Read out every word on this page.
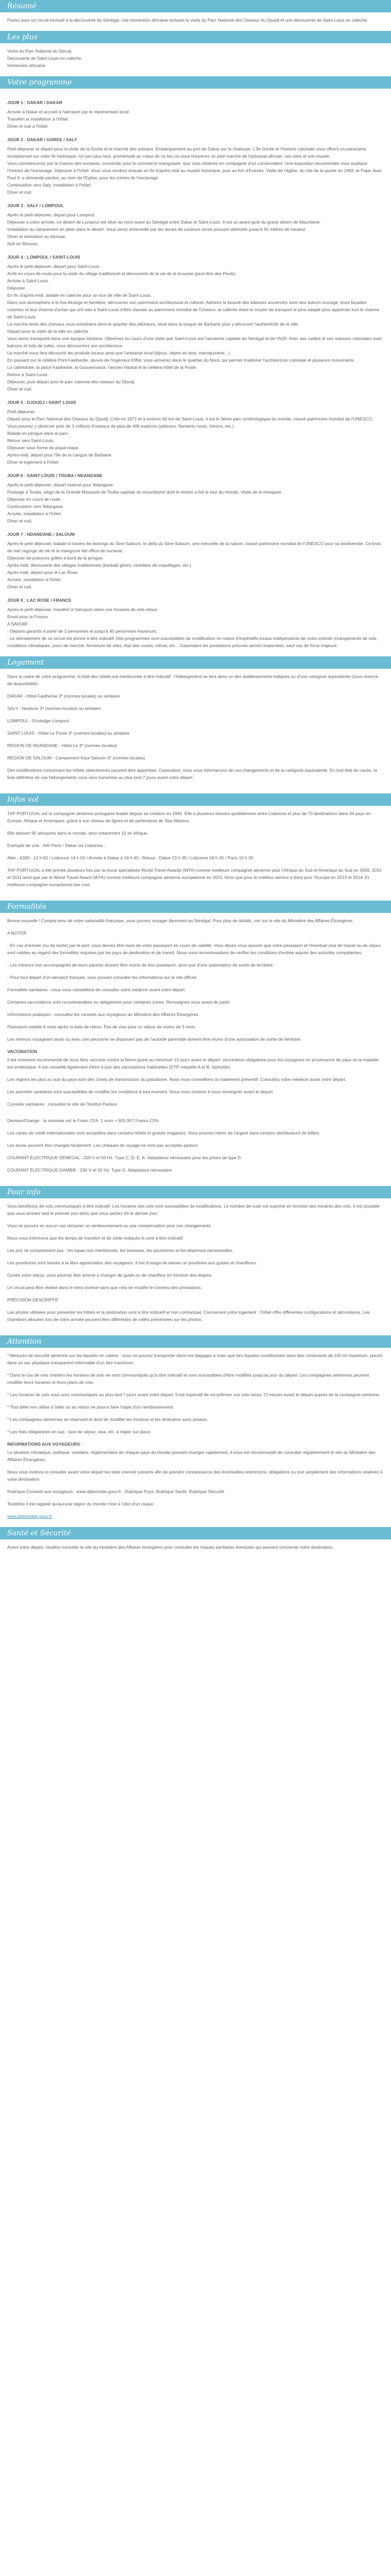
Résumé

Partez pour un circuit exclusif à la découverte du Sénégal, une immersion africaine incluant la visite du Parc National des Oiseaux du Djoudj et une découverte de Saint Louis en calèche.

Les plus
Visite du Parc National du Djoudj
Découverte de Saint-Louis en calèche
Immersion africaine
Votre programme
JOUR 1 : DAKAR / DAKAR
Arrivée à Dakar et accueil à l'aéroport par le représentant local.
Transfert et installation à l'hôtel.
Dîner et nuit à l'hôtel.
JOUR 2 : DAKAR / GOREE / SALY
Petit-déjeuner et départ pour la visite de la Gorée et le marché des artisans. Embarquement au port de Dakar sur la chaloupe. L'île Gorée et l'histoire coloniale vous offrent un panorama exceptionnel sur cette île historique. Un peu plus tard, promenade au coeur de ce lieu où vous trouverez un petit marché de l'artisanat africain, ses sites et son musée.
Vous commencerez par la maison des esclaves, construite pour le commerce triangulaire, que vous visiterez en compagnie d'un conservateur. Une exposition documentée vous explique l'histoire de l'esclavage. Déjeuner à l'hôtel. Vous vous rendrez ensuite en fin d'après-midi au musée historique, puis au fort d'Estrées. Visite de l'église, du site de la quinte en 1992, le Pape Jean Paul II, a demandé pardon, au nom de l'Eglise, pour les crimes de l'esclavage.
Continuation vers Saly. Installation à l'hôtel.
Dîner et nuit.
JOUR 3 : SALY / LOMPOUL
Après le petit-déjeuner, départ pour Lompoul.
Déjeuner à votre arrivée. Le désert de Lompoul est situé au nord ouest du Sénégal entre Dakar et Saint-Louis. Il est un avant-goût du grand désert de Mauritanie.
Installation au campement en plein dans le désert. Vous serez émerveillé par les dunes de couleurs ocres pouvant atteindre jusqu'à 50 mètres de hauteur.
Dîner et animation au bivouac.
Nuit en Bivouac.
JOUR 4 : LOMPOUL / SAINT-LOUIS
Après le petit-déjeuner, départ pour Saint-Louis.
Arrêt en cours de route pour la visite du village traditionnel et découverte de la vie de la brousse (peut-être des Peuls).
Arrivée à Saint-Louis.
Déjeuner.
En fin d'après-midi, balade en calèche pour un tour de ville de Saint-Louis.
Dans une atmosphère à la fois étrange et familière, découvrez son patrimoine architectural et culturel. Admirez la beauté des bâtisses anciennes avec leur balcon ouvragé, leurs façades colorées et leur charme d'antan qui ont valu à Saint-Louis d'être classée au patrimoine mondial de l'Unesco, la calèche étant le moyen de transport le plus adapté pour apprécier tout le charme de Saint-Louis.
La marche lente des chevaux vous entraînera dans le quartier des pêcheurs, situé dans la langue de Barbarie pour y découvrir l'authenticité de la ville.
Départ pour la visite de la ville en calèche.
Vous serez transporté dans une époque lointaine. Observez au cours d'une visite que Saint-Louis est l'ancienne capitale du Sénégal et de l'AOF. Avec ses ruelles et ses maisons coloniales avec balcons et toits de tuiles, vous découvrirez son architecture.
Le marché vous fera découvrir les produits locaux ainsi que l'artisanat local (bijoux, objets en bois, maroquinerie...).
En passant sur le célèbre Pont Faidherbe, œuvre de l'ingénieur Eiffel, vous arriverez dans le quartier du Nord, qui permet d'admirer l'architecture coloniale et plusieurs monuments :
La cathédrale, la place Faidherbe, la Gouvernance, l'ancien hôpital et le célèbre hôtel de la Poste.
Retour à Saint-Louis.
Déjeuner, puis départ pour le parc national des oiseaux du Djoudj.
Dîner et nuit.
JOUR 5 : DJOUDJ / SAINT LOUIS
Petit-déjeuner.
Départ pour le Parc National des Oiseaux du Djoudj. Créé en 1971 et à environ 60 km de Saint-Louis, il est le 3ème parc ornithologique du monde, classé patrimoine mondial de l'UNESCO.
Vous pourrez y observer près de 3 millions d'oiseaux de plus de 400 espèces (pélicans, flamants roses, hérons, etc.).
Balade en pirogue dans le parc.
Retour vers Saint-Louis.
Déjeuner sous forme de pique-nique.
Après-midi, départ pour l'île de la Langue de Barbarie.
Dîner et logement à l'hôtel.
JOUR 6 : SAINT LOUIS / TOUBA / NDANDANE
Après le petit-déjeuner, départ matinal pour Ndangane.
Passage à Touba, siège de la Grande Mosquée de Touba capitale du mouridisme dont le renom a fait le tour du monde. Visite de la mosquée.
Déjeuner en cours de route.
Continuation vers Ndangane.
Arrivée, installation à l'hôtel.
Dîner et nuit.
JOUR 7 : NDANDANE / SALOUM
Après le petit-déjeuner, balade à travers les bolongs du Sine-Saloum, le delta du Sine-Saloum, une merveille de la nature, classé patrimoine mondial de l'UNESCO pour sa biodiversité. Ce bras de mer regorge de vie et la mangrove fait office de nurserie.
Déjeuner de poissons grillés à bord de la pirogue.
Après-midi, découverte des villages traditionnels (baobab géant, cimetière de coquillages, etc.).
Après-midi, départ pour le Lac Rose.
Arrivée, installation à l'hôtel.
Dîner et nuit.
JOUR 8 : LAC ROSE / FRANCE
Après le petit-déjeuner, transfert à l'aéroport selon vos horaires de vols retour.
Envol pour la France.
A SAVOIR :
- Départs garantis à partir de 2 personnes et jusqu'à 40 personnes maximum.
- Le déroulement de ce circuit est donné à titre indicatif. Des programmes sont susceptibles de modification en raison d'impératifs locaux indépendants de notre volonté (changements de vols, conditions climatiques, jours de marché, fermeture de sites, état des routes, climat, etc... Cependant les prestations prévues seront respectées, sauf cas de force majeure.
Logement

Dans la cadre de votre programme, la liste des hôtels est mentionnée à titre indicatif : l'hébergement se fera dans un des établissements indiqués ou d'une catégorie équivalente (sous réserve de disponibilité) :

DAKAR - Hôtel Faidherbe 3* (normes locales) ou similaire

SALY - Neptune 3* (normes locales) ou similaire

LOMPOUL - Ecolodge Lompoul

SAINT LOUIS - Hôtel Le Poste 3* (normes locales) ou similaire

REGION DE NDANDANE - Hôtel Le 3* (normes locales)

REGION DE SALOUM - Campement Keur Saloum 3* (normes locales)

Des modifications concernant les hôtels sélectionnés peuvent être apportées. Cependant, nous vous informerons de ces changements et de la catégorie équivalente. En tout état de cause, la liste définitive de vos hébergements vous sera transmise au plus tard 7 jours avant votre départ.

Infos vol

TAP PORTUGAL est la compagnie aérienne portugaise leader depuis sa création en 1945. Elle a plusieurs liaisons quotidiennes entre Lisbonne et plus de 70 destinations dans 34 pays en Europe, Afrique et Amériques, grâce à son réseau de lignes et de partenaires de Star Alliance.

Elle dessert 90 aéroports dans le monde, dont notamment 15 en Afrique.

Exemple de vols : A/R Paris / Dakar via Lisbonne :

Aller : A330 : 12 h 50 / Lisbonne 14 h 50 / Arrivée à Dakar à 18 h 40 ; Retour : Dakar 23 h 35 / Lisbonne 04 h 05 / Paris 10 h 05

TAP PORTUGAL a été primée plusieurs fois par la revue spécialisée World Travel Awards (WTA) comme meilleure compagnie aérienne pour l'Afrique du Sud et Amérique du Sud en 2009, 2010 et 2011 ainsi que par le World Travel Award (WTA) comme meilleure compagnie aérienne européenne en 2015. Ainsi que pour le meilleur service à bord pour l'Europe en 2013 et 2014. Et meilleure compagnie européenne low cost.

Formalités

Bonne nouvelle ! Compte-tenu de votre nationalité française, vous pouvez voyager librement au Sénégal. Pour plus de détails, voir sur le site du Ministère des Affaires Étrangères.

A NOTER

- En cas d'arrivée (ou de sortie) par le port, vous devrez être muni de votre passeport en cours de validité. Vous devez vous assurer que votre passeport et l'éventuel visa de transit ou de séjour sont valides au regard des formalités requises par les pays de destination et de transit. Nous vous recommandons de vérifier les conditions d'entrée auprès des autorités compétentes.

- Les mineurs non accompagnés de leurs parents doivent être munis de leur passeport, ainsi que d'une autorisation de sortie de territoire.

- Pour tout départ d'un aéroport français, vous pouvez consulter les informations sur le site officiel.

Formalités sanitaires : nous vous conseillons de consulter votre médecin avant votre départ.

Certaines vaccinations sont recommandées ou obligatoires pour certaines zones. Renseignez-vous avant de partir.

Informations pratiques : consultez les conseils aux voyageurs du Ministère des Affaires Étrangères.

Passeport valable 6 mois après la date de retour. Pas de visa pour un séjour de moins de 3 mois.

Les mineurs voyageant seuls ou avec une personne ne disposant pas de l'autorité parentale doivent être munis d'une autorisation de sortie de territoire.

VACCINATION

Il est vivement recommandé de vous faire vacciner contre la fièvre jaune au minimum 10 jours avant le départ. Vaccination obligatoire pour les voyageurs en provenance de pays où la maladie est endémique. Il est conseillé également d'être à jour des vaccinations habituelles (DTP, hépatite A et B, typhoïde).

Les régions les plus au sud du pays sont des zones de transmission du paludisme. Nous vous conseillons un traitement préventif. Consultez votre médecin avant votre départ.

Les autorités sanitaires sont susceptibles de modifier les conditions à tout moment. Nous vous invitons à vous renseigner avant le départ.

Conseils sanitaires : consultez le site de l'Institut Pasteur.

Devises/Change : la monnaie est le Franc CFA. 1 euro = 655,957 Francs CFA.

Les cartes de crédit internationales sont acceptées dans certains hôtels et grands magasins. Vous pourrez retirer de l'argent dans certains distributeurs de billets.

Les euros peuvent être changés facilement. Les chèques de voyage ne sont pas acceptés partout.

COURANT ÉLECTRIQUE SÉNÉGAL : 220 V et 50 Hz. Type C, D, E, K. Adaptateur nécessaire pour les prises de type D.

COURANT ÉLECTRIQUE GAMBIE : 230 V et 50 Hz. Type G. Adaptateur nécessaire.

Pour info

Vous bénéficiez de vols communiqués à titre indicatif. Les horaires des vols sont susceptibles de modifications. Le nombre de nuits est exprimé en fonction des horaires des vols. Il est possible que vous arriviez tard le premier jour et/ou que vous partiez tôt le dernier jour.

Vous ne pouvez en aucun cas réclamer un remboursement ou une compensation pour ces changements.

Nous vous informons que les temps de transfert et de visite indiqués le sont à titre indicatif.

Les prix ne comprennent pas : les repas non mentionnés, les boissons, les pourboires et les dépenses personnelles.

Les pourboires sont laissés à la libre appréciation des voyageurs. Il est d'usage de laisser un pourboire aux guides et chauffeurs.

Durant votre séjour, vous pourrez être amené à changer de guide ou de chauffeur en fonction des étapes.

Le circuit peut être réalisé dans le sens inverse sans que cela ne modifie le contenu des prestations.

PRÉCISION DESCRIPTIF

Les photos utilisées pour présenter les hôtels et la destination sont à titre indicatif et non contractuel. Concernant votre logement : l'hôtel offre différentes configurations et décorations. Les chambres allouées lors de votre arrivée peuvent être différentes de celles présentées sur les photos.

Attention

* Mesures de sécurité aérienne sur les liquides en cabine : vous ne pouvez transporter dans vos bagages à main que des liquides conditionnés dans des contenants de 100 ml maximum, placés dans un sac plastique transparent refermable d'un litre maximum.

* Dans le cas de vols charters les horaires de vols ne sont communiqués qu'à titre indicatif et sont susceptibles d'être modifiés jusqu'au jour du départ. Les compagnies aériennes peuvent modifier leurs horaires et leurs plans de vols.

* Les horaires de vols vous sont communiqués au plus tard 7 jours avant votre départ. Il est impératif de reconfirmer vos vols retour 72 heures avant le départ auprès de la compagnie aérienne.

* Tout billet non utilisé à l'aller ou au retour ne pourra faire l'objet d'un remboursement.

* Les compagnies aériennes se réservent le droit de modifier les horaires et les itinéraires sans préavis.

* Les frais obligatoires en sus : taxe de séjour, visa, etc. à régler sur place.

INFORMATIONS AUX VOYAGEURS :

Le situation climatique, politique, sanitaire, réglementaire de chaque pays du monde pouvant changer rapidement, il vous est recommandé de consulter régulièrement le site du Ministère des Affaires Étrangères.

Nous vous invitons à consulter avant votre départ les sites internet suivants afin de prendre connaissance des éventuelles restrictions, obligations ou tout simplement des informations relatives à votre destination.

Rubrique Conseils aux voyageurs : www.diplomatie.gouv.fr ; Rubrique Pays, Rubrique Santé, Rubrique Sécurité.

Toutefois il est rappelé qu'aucune région du monde n'est à l'abri d'un risque.

www.diplomatie.gouv.fr
Santé et Sécurité

Avant votre départ, veuillez consulter le site du ministère des Affaires étrangères pour consulter les risques sanitaires éventuels qui peuvent concerner votre destination.
